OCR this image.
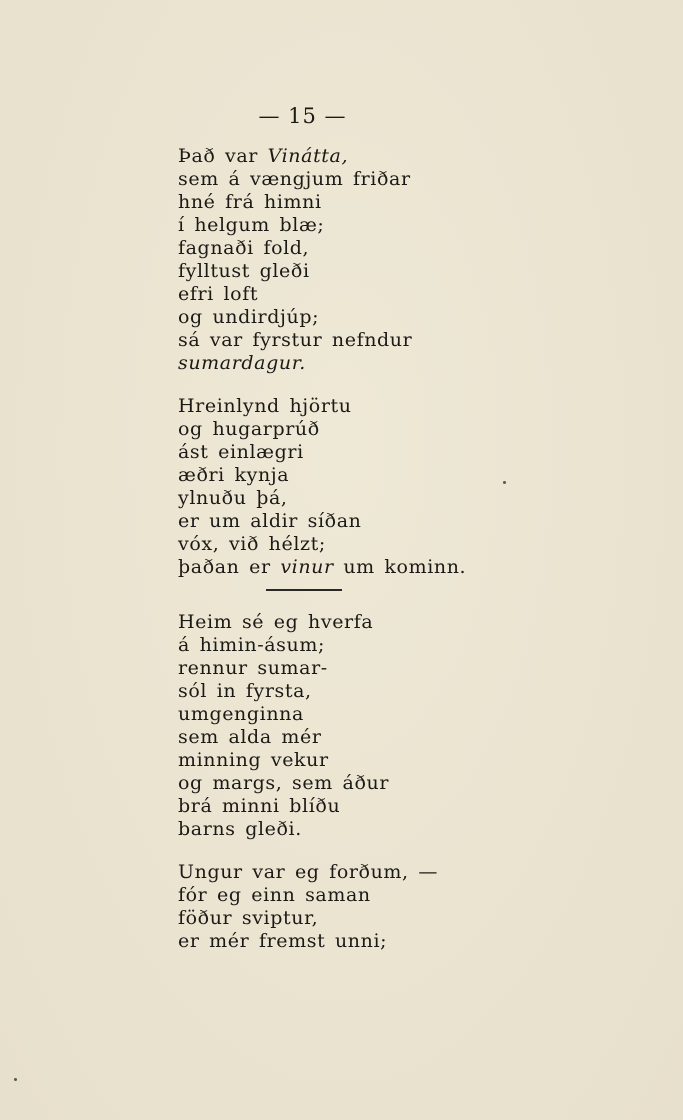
— 15 —
Það var Vinátta,
sem á vængjum friðar
hné frá himni
í helgum blæ;
fagnaði fold,
fylltust gleði
efri loft
og undirdjúp;
sá var fyrstur nefndur
sumardagur.
Hreinlynd hjörtu
og hugarprúð
ást einlægri
æðri kynja
ylnuðu þá,
er um aldir síðan
vóx, við hélzt;
þaðan er vinur um kominn.
Heim sé eg hverfa
á himin-ásum;
rennur sumar-
sól in fyrsta,
umgenginna
sem alda mér
minning vekur
og margs, sem áður
brá minni blíðu
barns gleði.
Ungur var eg forðum, —
fór eg einn saman
föður sviptur,
er mér fremst unni;
